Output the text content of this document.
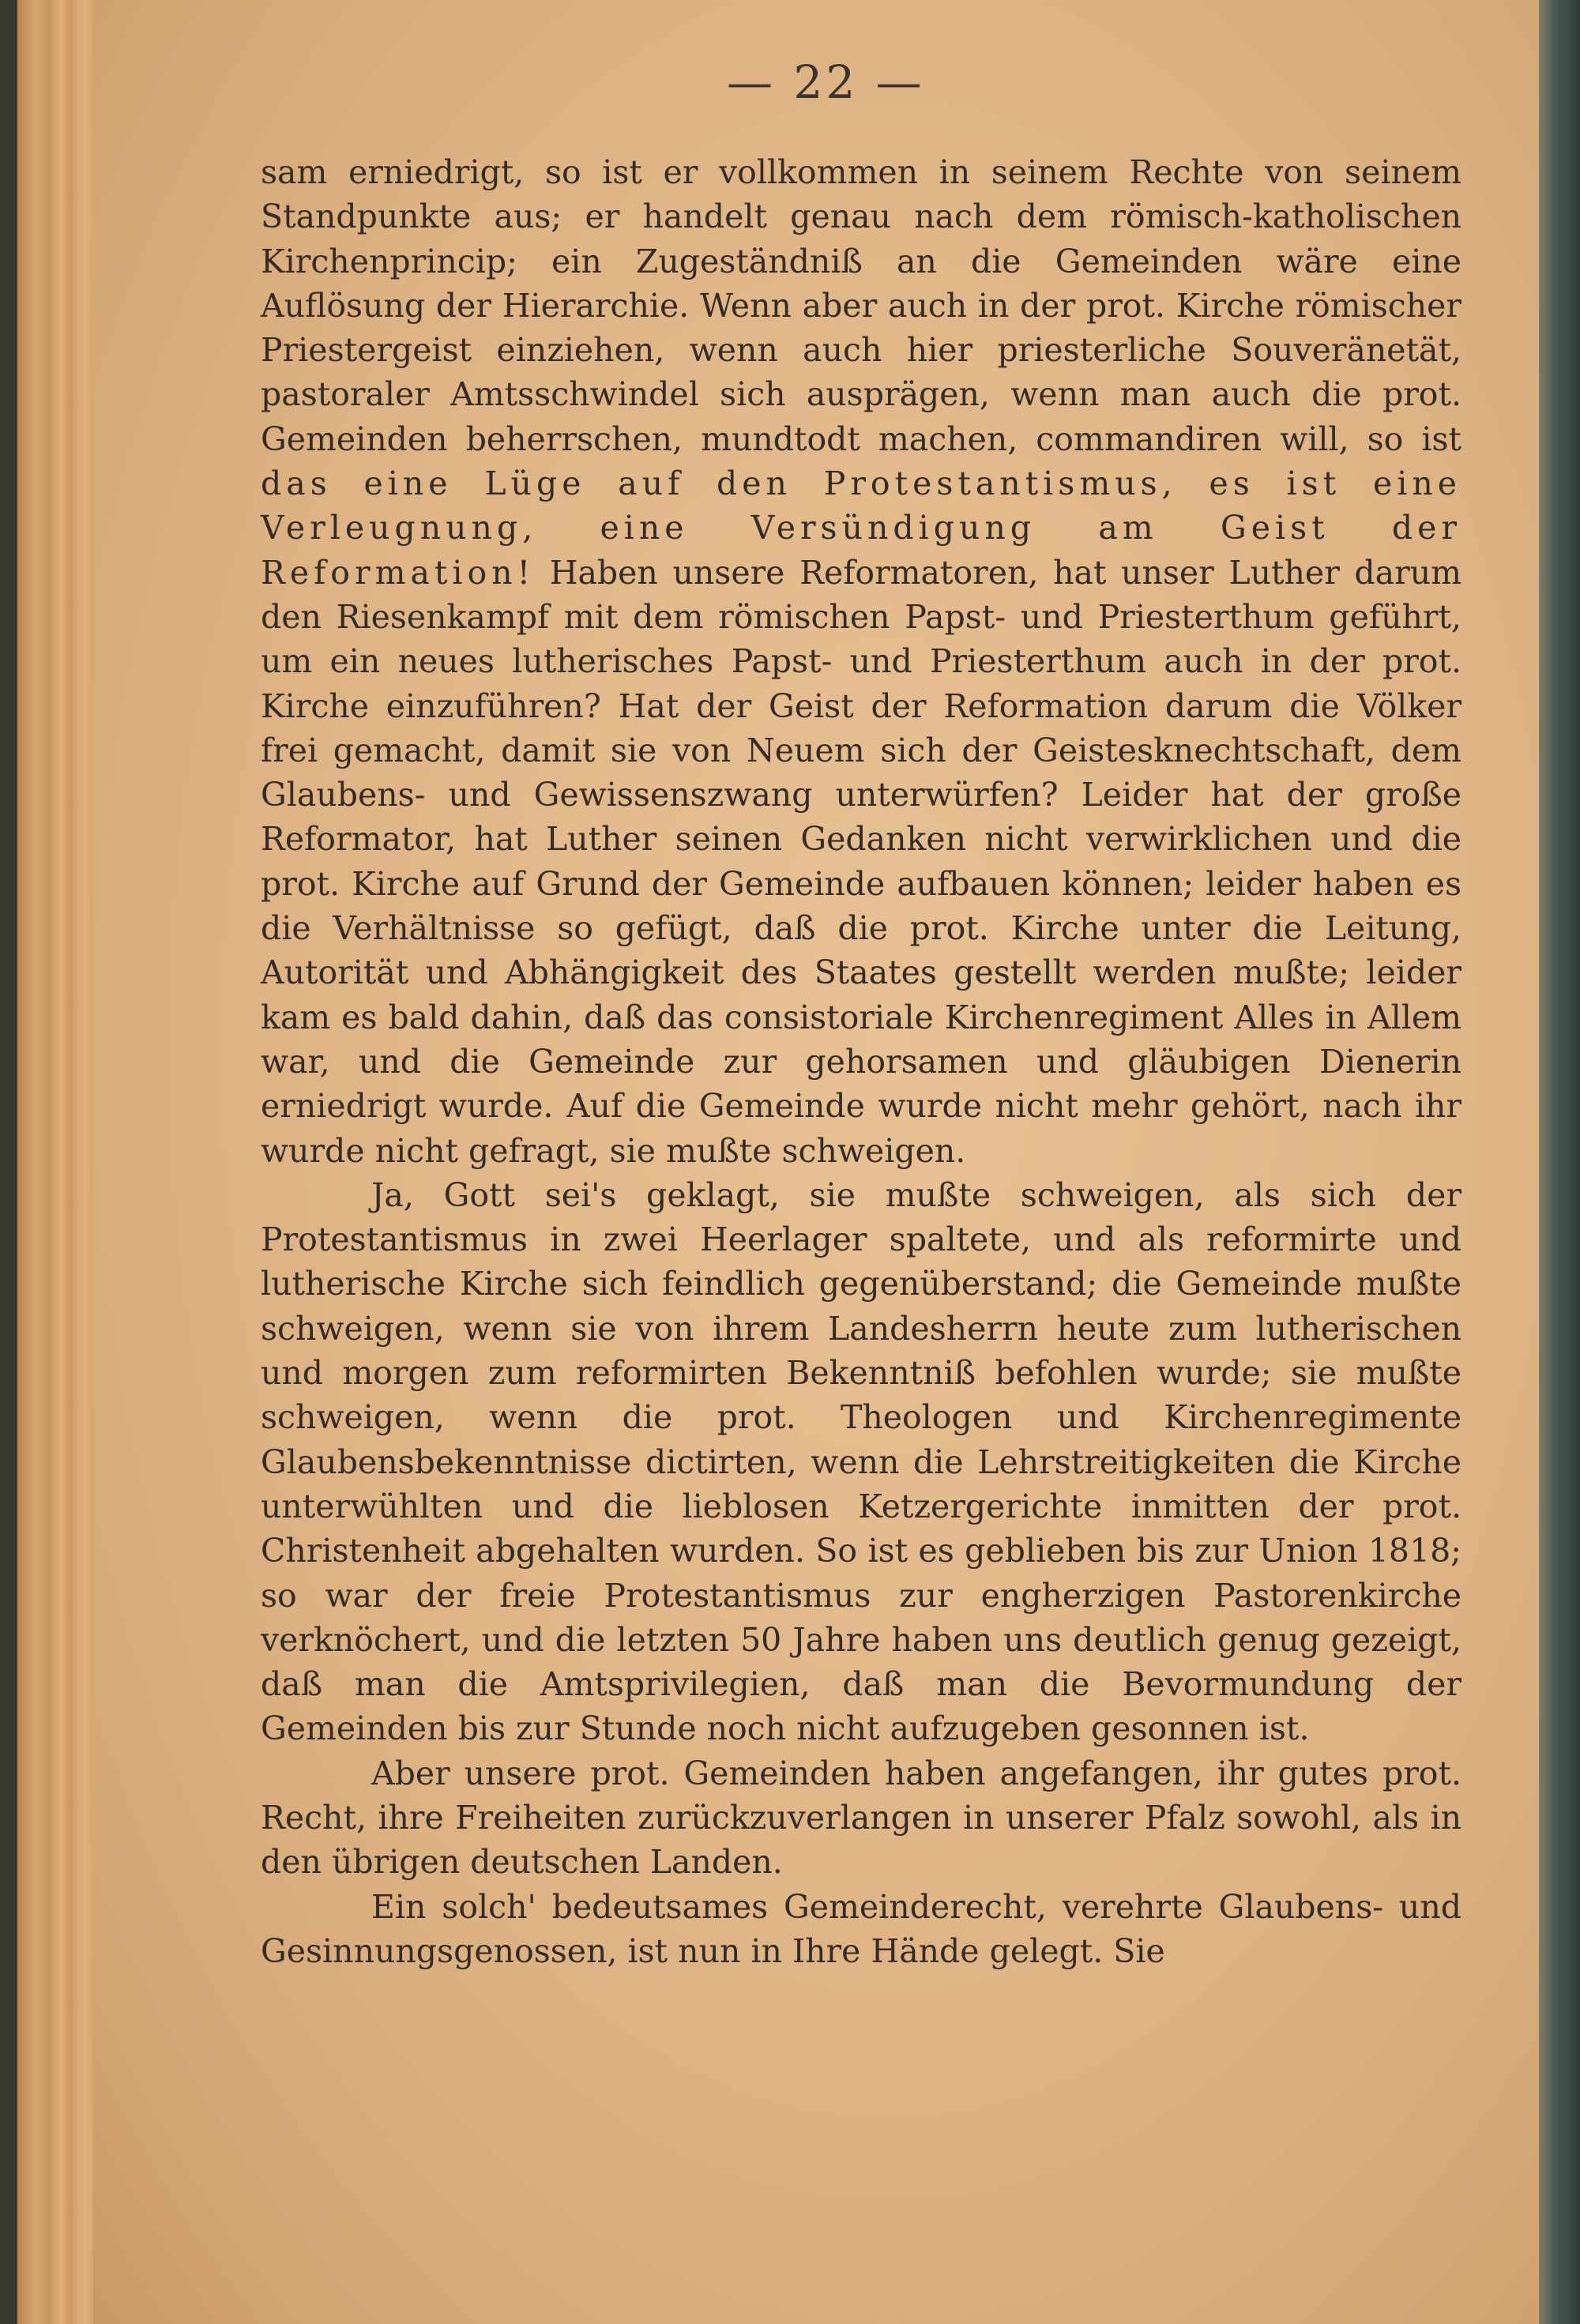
— 22 —

sam erniedrigt, so ist er vollkommen in seinem Rechte von seinem Standpunkte aus; er handelt genau nach dem römisch-katholischen Kirchenprincip; ein Zugeständniß an die Gemeinden wäre eine Auflösung der Hierarchie. Wenn aber auch in der prot. Kirche römischer Priestergeist einziehen, wenn auch hier priesterliche Souveränetät, pastoraler Amtsschwindel sich ausprägen, wenn man auch die prot. Gemeinden beherrschen, mundtodt machen, commandiren will, so ist das eine Lüge auf den Protestantismus, es ist eine Verleugnung, eine Versündigung am Geist der Reformation! Haben unsere Reformatoren, hat unser Luther darum den Riesenkampf mit dem römischen Papst- und Priesterthum geführt, um ein neues lutherisches Papst- und Priesterthum auch in der prot. Kirche einzuführen? Hat der Geist der Reformation darum die Völker frei gemacht, damit sie von Neuem sich der Geistesknechtschaft, dem Glaubens- und Gewissenszwang unterwürfen? Leider hat der große Reformator, hat Luther seinen Gedanken nicht verwirklichen und die prot. Kirche auf Grund der Gemeinde aufbauen können; leider haben es die Verhältnisse so gefügt, daß die prot. Kirche unter die Leitung, Autorität und Abhängigkeit des Staates gestellt werden mußte; leider kam es bald dahin, daß das consistoriale Kirchenregiment Alles in Allem war, und die Gemeinde zur gehorsamen und gläubigen Dienerin erniedrigt wurde. Auf die Gemeinde wurde nicht mehr gehört, nach ihr wurde nicht gefragt, sie mußte schweigen.

Ja, Gott sei's geklagt, sie mußte schweigen, als sich der Protestantismus in zwei Heerlager spaltete, und als reformirte und lutherische Kirche sich feindlich gegenüberstand; die Gemeinde mußte schweigen, wenn sie von ihrem Landesherrn heute zum lutherischen und morgen zum reformirten Bekenntniß befohlen wurde; sie mußte schweigen, wenn die prot. Theologen und Kirchenregimente Glaubensbekenntnisse dictirten, wenn die Lehrstreitigkeiten die Kirche unterwühlten und die lieblosen Ketzergerichte inmitten der prot. Christenheit abgehalten wurden. So ist es geblieben bis zur Union 1818; so war der freie Protestantismus zur engherzigen Pastorenkirche verknöchert, und die letzten 50 Jahre haben uns deutlich genug gezeigt, daß man die Amtsprivilegien, daß man die Bevormundung der Gemeinden bis zur Stunde noch nicht aufzugeben gesonnen ist.

Aber unsere prot. Gemeinden haben angefangen, ihr gutes prot. Recht, ihre Freiheiten zurückzuverlangen in unserer Pfalz sowohl, als in den übrigen deutschen Landen.

Ein solch' bedeutsames Gemeinderecht, verehrte Glaubens- und Gesinnungsgenossen, ist nun in Ihre Hände gelegt. Sie
